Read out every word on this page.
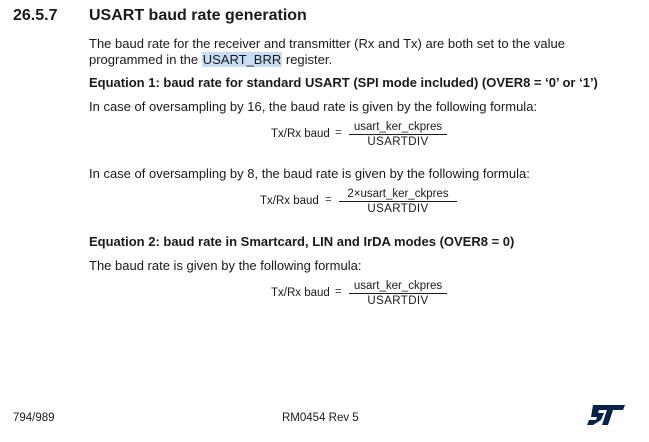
26.5.7 USART baud rate generation
The baud rate for the receiver and transmitter (Rx and Tx) are both set to the value
programmed in the USART_BRR register.
Equation 1: baud rate for standard USART (SPI mode included) (OVER8 = ‘0’ or ‘1’)
In case of oversampling by 16, the baud rate is given by the following formula:
Tx/Rx baud =	usart_ker_ckpres
USARTDIV
In case of oversampling by 8, the baud rate is given by the following formula:
Tx/Rx baud =	2×usart_ker_ckpres
USARTDIV
Equation 2: baud rate in Smartcard, LIN and IrDA modes (OVER8 = 0)
The baud rate is given by the following formula:
Tx/Rx baud =	usart_ker_ckpres
USARTDIV
794/989	RM0454 Rev 5
